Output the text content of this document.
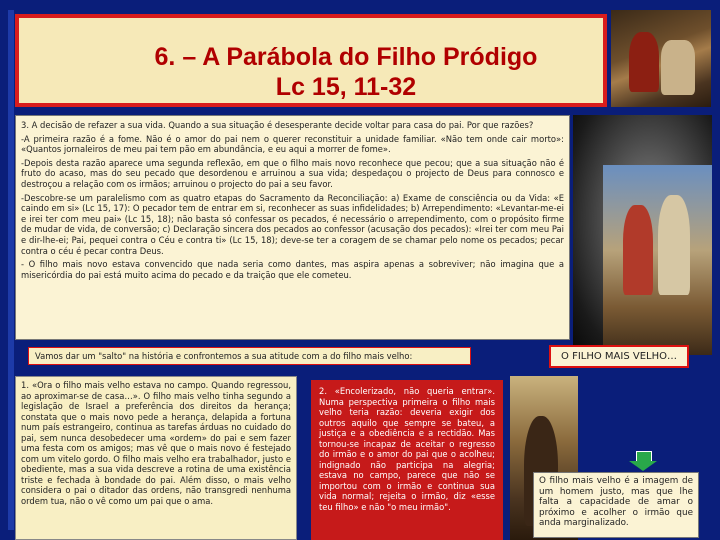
6. – A Parábola do Filho Pródigo
Lc 15, 11-32

3. A decisão de refazer a sua vida. Quando a sua situação é desesperante decide voltar para casa do pai. Por que razões?

-A primeira razão é a fome. Não é o amor do pai nem o querer reconstituir a unidade familiar. «Não tem onde cair morto»: «Quantos jornaleiros de meu pai tem pão em abundância, e eu aqui a morrer de fome».

-Depois desta razão aparece uma segunda reflexão, em que o filho mais novo reconhece que pecou; que a sua situação não é fruto do acaso, mas do seu pecado que desordenou e arruinou a sua vida; despedaçou o projecto de Deus para connosco e destroçou a relação com os irmãos; arruinou o projecto do pai a seu favor.

-Descobre-se um paralelismo com as quatro etapas do Sacramento da Reconciliação: a) Exame de consciência ou da Vida: «E caindo em si» (Lc 15, 17): O pecador tem de entrar em si, reconhecer as suas infidelidades; b) Arrependimento: «Levantar-me-ei e irei ter com meu pai» (Lc 15, 18); não basta só confessar os pecados, é necessário o arrependimento, com o propósito firme de mudar de vida, de conversão; c) Declaração sincera dos pecados ao confessor (acusação dos pecados): «Irei ter com meu Pai e dir-lhe-ei; Pai, pequei contra o Céu e contra ti» (Lc 15, 18); deve-se ter a coragem de se chamar pelo nome os pecados; pecar contra o céu é pecar contra Deus.

- O filho mais novo estava convencido que nada seria como dantes, mas aspira apenas a sobreviver; não imagina que a misericórdia do pai está muito acima do pecado e da traição que ele cometeu.

Vamos dar um "salto" na história e confrontemos a sua atitude com a do filho mais velho:	O FILHO MAIS VELHO…
1. «Ora o filho mais velho estava no campo. Quando regressou, ao aproximar-se de casa…». O filho mais velho tinha segundo a legislação de Israel a preferência dos direitos da herança; constata que o mais novo pede a herança, delapida a fortuna num país estrangeiro, continua as tarefas árduas no cuidado do pai, sem nunca desobedecer uma «ordem» do pai e sem fazer uma festa com os amigos; mas vê que o mais novo é festejado com um vitelo gordo. O filho mais velho era trabalhador, justo e obediente, mas a sua vida descreve a rotina de uma existência triste e fechada à bondade do pai. Além disso, o mais velho considera o pai o ditador das ordens, não transgredi nenhuma ordem tua, não o vê como um pai que o ama.
2. «Encolerizado, não queria entrar». Numa perspectiva primeira o filho mais velho teria razão: deveria exigir dos outros aquilo que sempre se bateu, a justiça e a obediência e a rectidão. Mas tornou-se incapaz de aceitar o regresso do irmão e o amor do pai que o acolheu; indignado não participa na alegria; estava no campo, parece que não se importou com o irmão e continua sua vida normal; rejeita o irmão, diz «esse teu filho» e não "o meu irmão".
O filho mais velho é a imagem de um homem justo, mas que lhe falta a capacidade de amar o próximo e acolher o irmão que anda marginalizado.
